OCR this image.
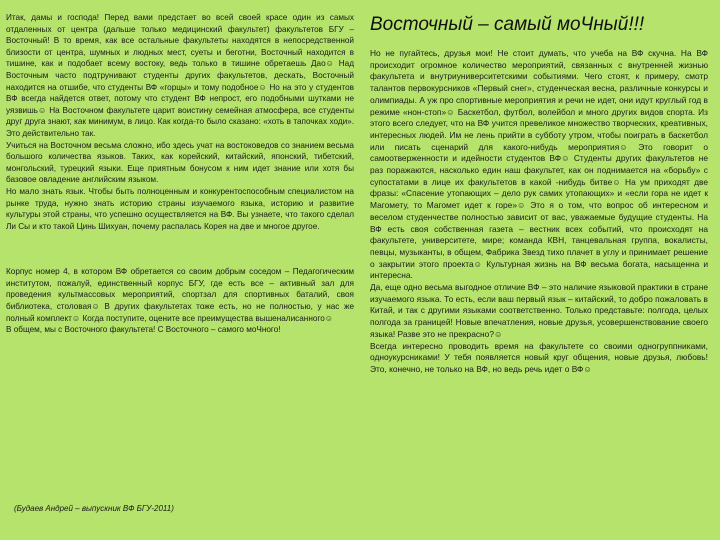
Итак, дамы и господа! Перед вами предстает во всей своей красе один из самых отдаленных от центра (дальше только медицинский факультет) факультетов БГУ – Восточный! В то время, как все остальные факультеты находятся в непосредственной близости от центра, шумных и людных мест, суеты и беготни, Восточный находится в тишине, как и подобает всему востоку, ведь только в тишине обретаешь Дао☺ Над Восточным часто подтрунивают студенты других факультетов, дескать, Восточный находится на отшибе, что студенты ВФ «горцы» и тому подобное☺ Но на это у студентов ВФ всегда найдется ответ, потому что студент ВФ непрост, его подобными шутками не уязвишь☺ На Восточном факультете царит воистину семейная атмосфера, все студенты друг друга знают, как минимум, в лицо. Как когда-то было сказано: «хоть в тапочках ходи». Это действительно так.

Учиться на Восточном весьма сложно, ибо здесь учат на востоковедов со знанием весьма большого количества языков. Таких, как корейский, китайский, японский, тибетский, монгольский, турецкий языки. Еще приятным бонусом к ним идет знание или хотя бы базовое овладение английским языком.

Но мало знать язык. Чтобы быть полноценным и конкурентоспособным специалистом на рынке труда, нужно знать историю страны изучаемого языка, историю и развитие культуры этой страны, что успешно осуществляется на ВФ. Вы узнаете, что такого сделал Ли Сы и кто такой Цинь Шихуан, почему распалась Корея на две и многое другое.

Корпус номер 4, в котором ВФ обретается со своим добрым соседом – Педагогическим институтом, пожалуй, единственный корпус БГУ, где есть все – активный зал для проведения культмассовых мероприятий, спортзал для спортивных баталий, своя библиотека, столовая☺ В других факультетах тоже есть, но не полностью, у нас же полный комплект☺ Когда поступите, оцените все преимущества вышеналисанного☺

В общем, мы с Восточного факультета! С Восточного – самого моЧного!

(Будаев Андрей – выпускник ВФ БГУ-2011)
Восточный – самый моЧный!!!

Но не пугайтесь, друзья мои! Не стоит думать, что учеба на ВФ скучна. На ВФ происходит огромное количество мероприятий, связанных с внутренней жизнью факультета и внутриуниверситетскими событиями. Чего стоят, к примеру, смотр талантов первокурсников «Первый снег», студенческая весна, различные конкурсы и олимпиады. А уж про спортивные мероприятия и речи не идет, они идут круглый год в режиме «нон-стоп»☺ Баскетбол, футбол, волейбол и много других видов спорта. Из этого всего следует, что на ВФ учится превеликое множество творческих, креативных, интересных людей. Им не лень прийти в субботу утром, чтобы поиграть в баскетбол или писать сценарий для какого-нибудь мероприятия☺ Это говорит о самоотверженности и идейности студентов ВФ☺ Студенты других факультетов не раз поражаются, насколько един наш факультет, как он поднимается на «борьбу» с супостатами в лице их факультетов в какой -нибудь битве☺ На ум приходят две фразы: «Спасение утопающих – дело рук самих утопающих» и «если гора не идет к Магомету, то Магомет идет к горе»☺ Это я о том, что вопрос об интересном и веселом студенчестве полностью зависит от вас, уважаемые будущие студенты. На ВФ есть своя собственная газета – вестник всех событий, что происходят на факультете, университете, мире; команда КВН, танцевальная группа, вокалисты, певцы, музыканты, в общем, Фабрика Звезд тихо плачет в углу и принимает решение о закрытии этого проекта☺ Культурная жизнь на ВФ весьма богата, насыщенна и интересна.

Да, еще одно весьма выгодное отличие ВФ – это наличие языковой практики в стране изучаемого языка. То есть, если ваш первый язык – китайский, то добро пожаловать в Китай, и так с другими языками соответственно. Только представьте: полгода, целых полгода за границей! Новые впечатления, новые друзья, усовершенствование своего языка! Разве это не прекрасно?☺

Всегда интересно проводить время на факультете со своими одногруппниками, одноукурсниками! У тебя появляется новый круг общения, новые друзья, любовь! Это, конечно, не только на ВФ, но ведь речь идет о ВФ☺
